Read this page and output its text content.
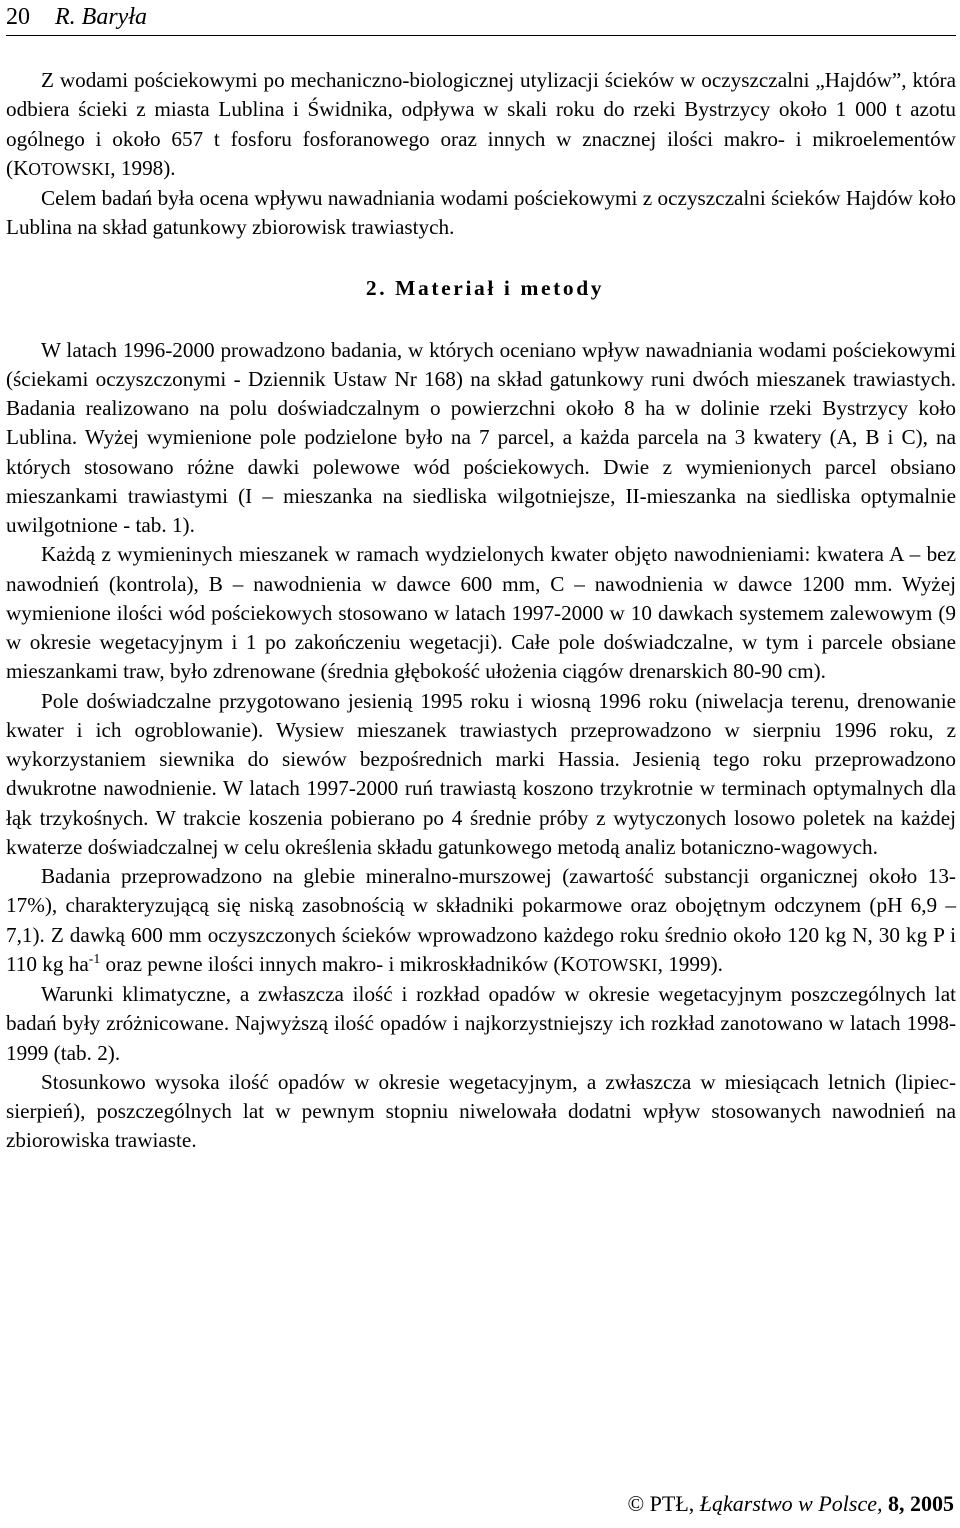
20 R. Baryła

Z wodami pościekowymi po mechaniczno-biologicznej utylizacji ścieków w oczyszczalni „Hajdów”, która odbiera ścieki z miasta Lublina i Świdnika, odpływa w skali roku do rzeki Bystrzycy około 1 000 t azotu ogólnego i około 657 t fosforu fosforanowego oraz innych w znacznej ilości makro- i mikroelementów (KOTOWSKI, 1998).

Celem badań była ocena wpływu nawadniania wodami pościekowymi z oczyszczalni ścieków Hajdów koło Lublina na skład gatunkowy zbiorowisk trawiastych.

2. Materiał i metody

W latach 1996-2000 prowadzono badania, w których oceniano wpływ nawadniania wodami pościekowymi (ściekami oczyszczonymi - Dziennik Ustaw Nr 168) na skład gatunkowy runi dwóch mieszanek trawiastych. Badania realizowano na polu doświadczalnym o powierzchni około 8 ha w dolinie rzeki Bystrzycy koło Lublina. Wyżej wymienione pole podzielone było na 7 parcel, a każda parcela na 3 kwatery (A, B i C), na których stosowano różne dawki polewowe wód pościekowych. Dwie z wymienionych parcel obsiano mieszankami trawiastymi (I – mieszanka na siedliska wilgotniejsze, II-mieszanka na siedliska optymalnie uwilgotnione - tab. 1).

Każdą z wymieninych mieszanek w ramach wydzielonych kwater objęto nawodnieniami: kwatera A – bez nawodnień (kontrola), B – nawodnienia w dawce 600 mm, C – nawodnienia w dawce 1200 mm. Wyżej wymienione ilości wód pościekowych stosowano w latach 1997-2000 w 10 dawkach systemem zalewowym (9 w okresie wegetacyjnym i 1 po zakończeniu wegetacji). Całe pole doświadczalne, w tym i parcele obsiane mieszankami traw, było zdrenowane (średnia głębokość ułożenia ciągów drenarskich 80-90 cm).

Pole doświadczalne przygotowano jesienią 1995 roku i wiosną 1996 roku (niwelacja terenu, drenowanie kwater i ich ogroblowanie). Wysiew mieszanek trawiastych przeprowadzono w sierpniu 1996 roku, z wykorzystaniem siewnika do siewów bezpośrednich marki Hassia. Jesienią tego roku przeprowadzono dwukrotne nawodnienie. W latach 1997-2000 ruń trawiastą koszono trzykrotnie w terminach optymalnych dla łąk trzykośnych. W trakcie koszenia pobierano po 4 średnie próby z wytyczonych losowo poletek na każdej kwaterze doświadczalnej w celu określenia składu gatunkowego metodą analiz botaniczno-wagowych.

Badania przeprowadzono na glebie mineralno-murszowej (zawartość substancji organicznej około 13-17%), charakteryzującą się niską zasobnością w składniki pokarmowe oraz obojętnym odczynem (pH 6,9 – 7,1). Z dawką 600 mm oczyszczonych ścieków wprowadzono każdego roku średnio około 120 kg N, 30 kg P i 110 kg $ha^{-1}$ oraz pewne ilości innych makro- i mikroskładników (KOTOWSKI, 1999).

Warunki klimatyczne, a zwłaszcza ilość i rozkład opadów w okresie wegetacyjnym poszczególnych lat badań były zróżnicowane. Najwyższą ilość opadów i najkorzystniejszy ich rozkład zanotowano w latach 1998-1999 (tab. 2).

Stosunkowo wysoka ilość opadów w okresie wegetacyjnym, a zwłaszcza w miesiącach letnich (lipiec-sierpień), poszczególnych lat w pewnym stopniu niwelowała dodatni wpływ stosowanych nawodnień na zbiorowiska trawiaste.

© PTŁ, Łąkarstwo w Polsce, 8, 2005
